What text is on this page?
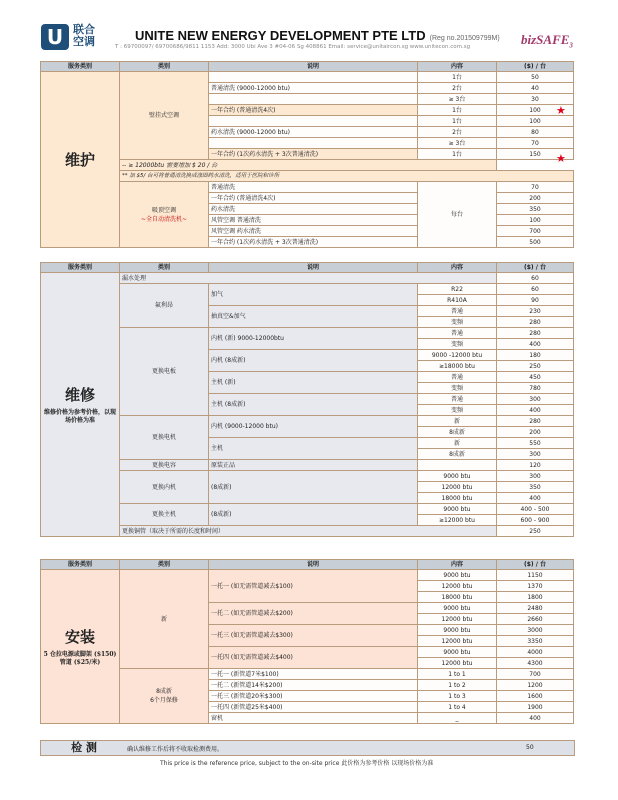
U 联合空调	UNITE NEW ENERGY DEVELOPMENT PTE LTD (Reg no.201509799M)
T : 69700097/ 69700686/9811 1153 Add: 3000 Ubi Ave 3 #04-06 Sg 408861 Email: service@unitaircon.sg www.unitecon.com.sg	bizSAFE$_3$
服务类别	类别	说明	内容	($) / 台
维护	壁挂式空调		1台	50
		普通清洗 (9000-12000 btu)	2台	40
			≥ 3台	30
		一年合约 (普通清洗4次)	1台	100
			1台	100
		药水清洗 (9000-12000 btu)	2台	80
			≥ 3台	70
		一年合约 (1次药水清洗 + 3次普通清洗)	1台	150
	-- ≥ 12000btu 需要增加 $ 20 / 台			
	** 加 $5/ 台可将普通清洗换成涤固药水清洗，适用于医院和诊所			
	吸顶空调
~全自动清洗机~	普通清洗	每台	70
		一年合约 (普通清洗4次)		200
		药水清洗		350
		风管空调 普通清洗		100
		风管空调 药水清洗		700
		一年合约 (1次药水清洗 + 3次普通清洗)		500
★
★
服务类别	类别	说明	内容	($) / 台
维修
维修价格为参考价格，以现场价格为准	漏水处理			60
	氟利昂	加气	R22	60
			R410A	90
		抽真空&加气	普通	230
			变频	280
	更换电板	内机 (新) 9000-12000btu	普通	280
			变频	400
		内机 (8成新)	9000 -12000 btu	180
			≥18000 btu	250
		主机 (新)	普通	450
			变频	780
		主机 (8成新)	普通	300
			变频	400
	更换电机	内机 (9000-12000 btu)	新	280
			8成新	200
		主机	新	550
			8成新	300
	更换电容	原装正品		120
	更换内机	(8成新)	9000 btu	300
			12000 btu	350
			18000 btu	400
	更换主机	(8成新)	9000 btu	400 - 500
			≥12000 btu	600 - 900
	更换铜管（取决于所需的长度和时间）			250
服务类别	类别	说明	内容	($) / 台
安装
5 仓拉电源或脚架 ($150) 管道 ($25/米)	新	一托一 (如无需管道减去$100)	9000 btu	1150
			12000 btu	1370
			18000 btu	1800
		一托二 (如无需管道减去$200)	9000 btu	2480
			12000 btu	2660
		一托三 (如无需管道减去$300)	9000 btu	3000
			12000 btu	3350
		一托四 (如无需管道减去$400)	9000 btu	4000
			12000 btu	4300
	8成新
6个月保修	一托一 (新管道7米$100)	1 to 1	700
		一托二 (新管道14米$200)	1 to 2	1200
		一托三 (新管道20米$300)	1 to 3	1600
		一托四 (新管道25米$400)	1 to 4	1900
		窗机	_	400
检 测	确认维修工作后将不收取检测费用。	50
This price is the reference price, subject to the on-site price 此价格为参考价格 以现场价格为准
